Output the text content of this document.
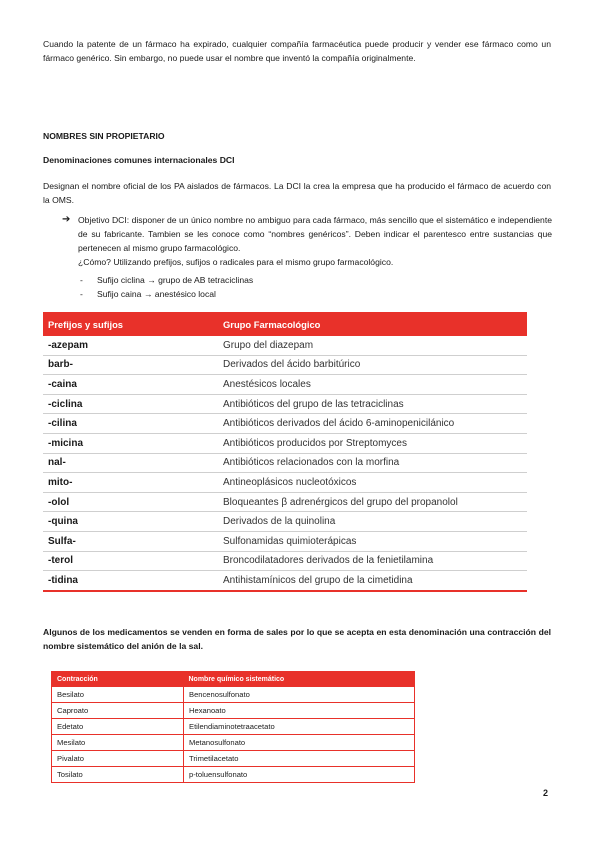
Cuando la patente de un fármaco ha expirado, cualquier compañía farmacéutica puede producir y vender ese fármaco como un fármaco genérico. Sin embargo, no puede usar el nombre que inventó la compañía originalmente.
NOMBRES SIN PROPIETARIO
Denominaciones comunes internacionales DCI
Designan el nombre oficial de los PA aislados de fármacos. La DCI la crea la empresa que ha producido el fármaco de acuerdo con la OMS.
➔ Objetivo DCI: disponer de un único nombre no ambiguo para cada fármaco, más sencillo que el sistemático e independiente de su fabricante. Tambien se les conoce como “nombres genéricos”. Deben indicar el parentesco entre sustancias que pertenecen al mismo grupo farmacológico.
¿Cómo? Utilizando prefijos, sufijos o radicales para el mismo grupo farmacológico.
- Sufijo ciclina → grupo de AB tetraciclinas
- Sufijo caina → anestésico local
Prefijos y sufijos	Grupo Farmacológico
-azepam	Grupo del diazepam
barb-	Derivados del ácido barbitúrico
-caina	Anestésicos locales
-ciclina	Antibióticos del grupo de las tetraciclinas
-cilina	Antibióticos derivados del ácido 6-aminopenicilánico
-micina	Antibióticos producidos por Streptomyces
nal-	Antibióticos relacionados con la morfina
mito-	Antineoplásicos nucleotóxicos
-olol	Bloqueantes β adrenérgicos del grupo del propanolol
-quina	Derivados de la quinolina
Sulfa-	Sulfonamidas quimioterápicas
-terol	Broncodilatadores derivados de la fenietilamina
-tidina	Antihistamínicos del grupo de la cimetidina
Algunos de los medicamentos se venden en forma de sales por lo que se acepta en esta denominación una contracción del nombre sistemático del anión de la sal.
Contracción	Nombre químico sistemático
Besilato	Bencenosulfonato
Caproato	Hexanoato
Edetato	Etilendiaminotetraacetato
Mesilato	Metanosulfonato
Pivalato	Trimetilacetato
Tosilato	p-toluensulfonato
2
